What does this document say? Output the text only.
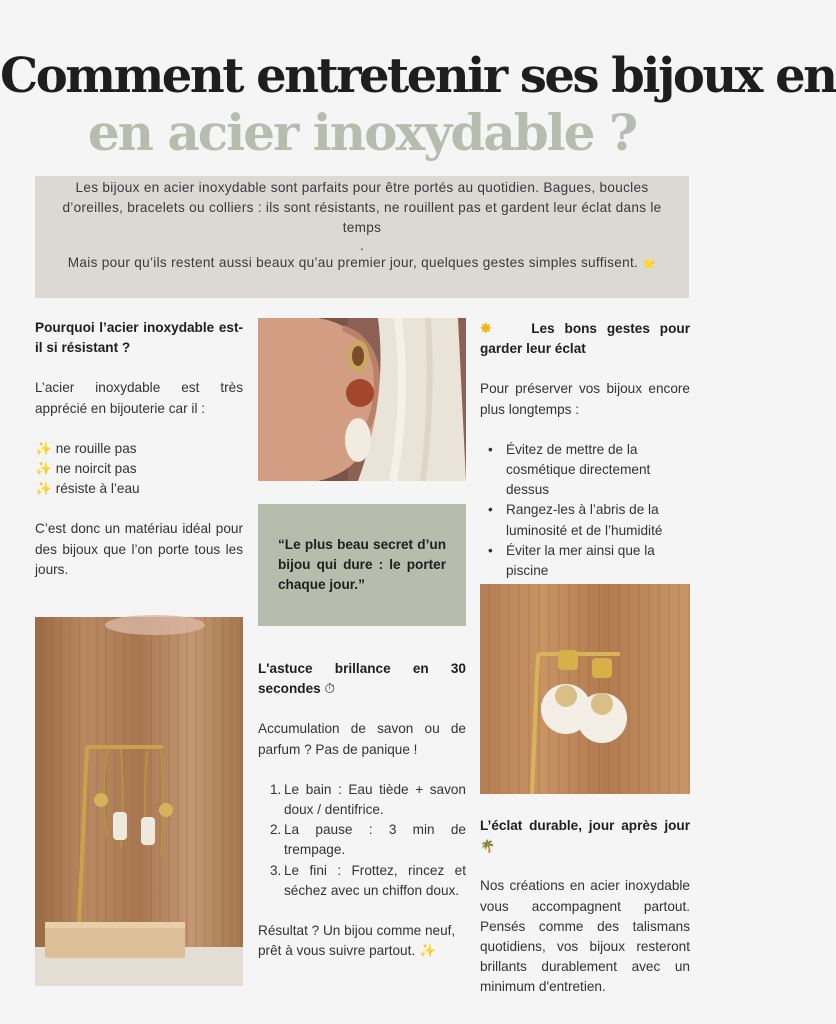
Comment entretenir ses bijoux en
en acier inoxydable ?
Les bijoux en acier inoxydable sont parfaits pour être portés au quotidien. Bagues, boucles d’oreilles, bracelets ou colliers : ils sont résistants, ne rouillent pas et gardent leur éclat dans le temps
.
Mais pour qu’ils restent aussi beaux qu’au premier jour, quelques gestes simples suffisent. ⭐
Pourquoi l’acier inoxydable est-il si résistant ?
L’acier inoxydable est très apprécié en bijouterie car il :
✨ ne rouille pas
✨ ne noircit pas
✨ résiste à l’eau
C’est donc un matériau idéal pour des bijoux que l’on porte tous les jours.
“Le plus beau secret d’un bijou qui dure : le porter chaque jour.”
L'astuce brillance en 30 secondes ⏱
Accumulation de savon ou de parfum ? Pas de panique !
1. Le bain : Eau tiède + savon doux / dentifrice.
2. La pause : 3 min de trempage.
3. Le fini : Frottez, rincez et séchez avec un chiffon doux.
Résultat ? Un bijou comme neuf, prêt à vous suivre partout. ✨
✸	Les bons gestes pour garder leur éclat
Pour préserver vos bijoux encore plus longtemps :
• Évitez de mettre de la cosmétique directement dessus
• Rangez-les à l’abris de la luminosité et de l’humidité
• Éviter la mer ainsi que la piscine
L’éclat durable, jour après jour 🌴
Nos créations en acier inoxydable vous accompagnent partout. Pensés comme des talismans quotidiens, vos bijoux resteront brillants durablement avec un minimum d'entretien.
